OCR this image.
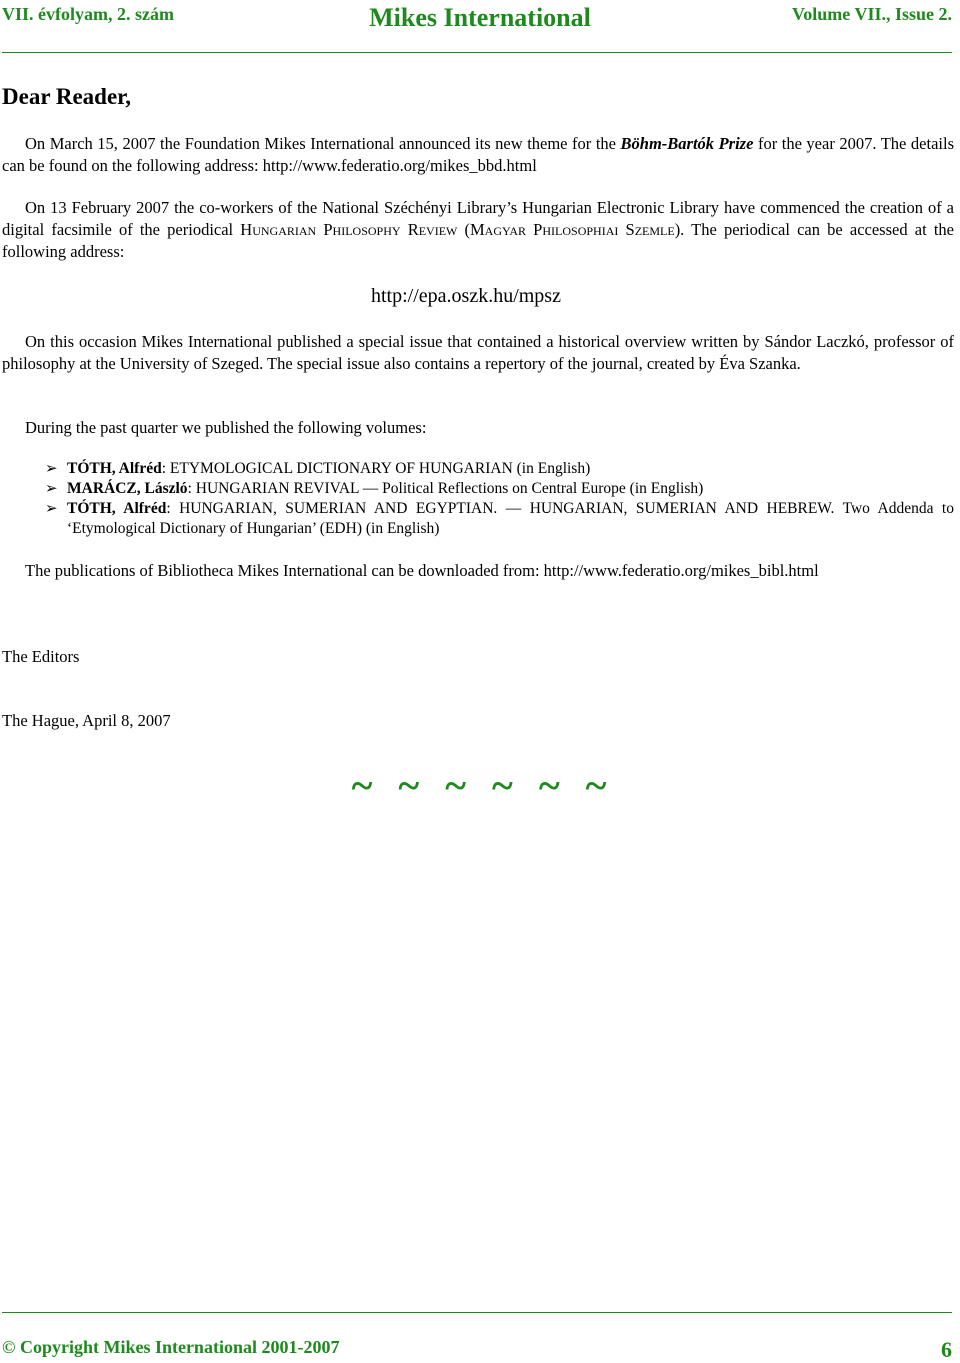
VII. évfolyam, 2. szám	Mikes International	Volume VII., Issue 2.
Dear Reader,
On March 15, 2007 the Foundation Mikes International announced its new theme for the Böhm-Bartók Prize for the year 2007. The details can be found on the following address: http://www.federatio.org/mikes_bbd.html
On 13 February 2007 the co-workers of the National Széchényi Library’s Hungarian Electronic Library have commenced the creation of a digital facsimile of the periodical Hungarian Philosophy Review (Magyar Philosophiai Szemle). The periodical can be accessed at the following address:
http://epa.oszk.hu/mpsz
On this occasion Mikes International published a special issue that contained a historical overview written by Sándor Laczkó, professor of philosophy at the University of Szeged. The special issue also contains a repertory of the journal, created by Éva Szanka.
During the past quarter we published the following volumes:
➢ TÓTH, Alfréd: ETYMOLOGICAL DICTIONARY OF HUNGARIAN (in English)
➢ MARÁCZ, László: HUNGARIAN REVIVAL — Political Reflections on Central Europe (in English)
➢ TÓTH, Alfréd: HUNGARIAN, SUMERIAN AND EGYPTIAN. — HUNGARIAN, SUMERIAN AND HEBREW. Two Addenda to ‘Etymological Dictionary of Hungarian’ (EDH) (in English)
The publications of Bibliotheca Mikes International can be downloaded from: http://www.federatio.org/mikes_bibl.html
The Editors
The Hague, April 8, 2007
~ ~ ~ ~ ~ ~
© Copyright Mikes International 2001-2007	6
